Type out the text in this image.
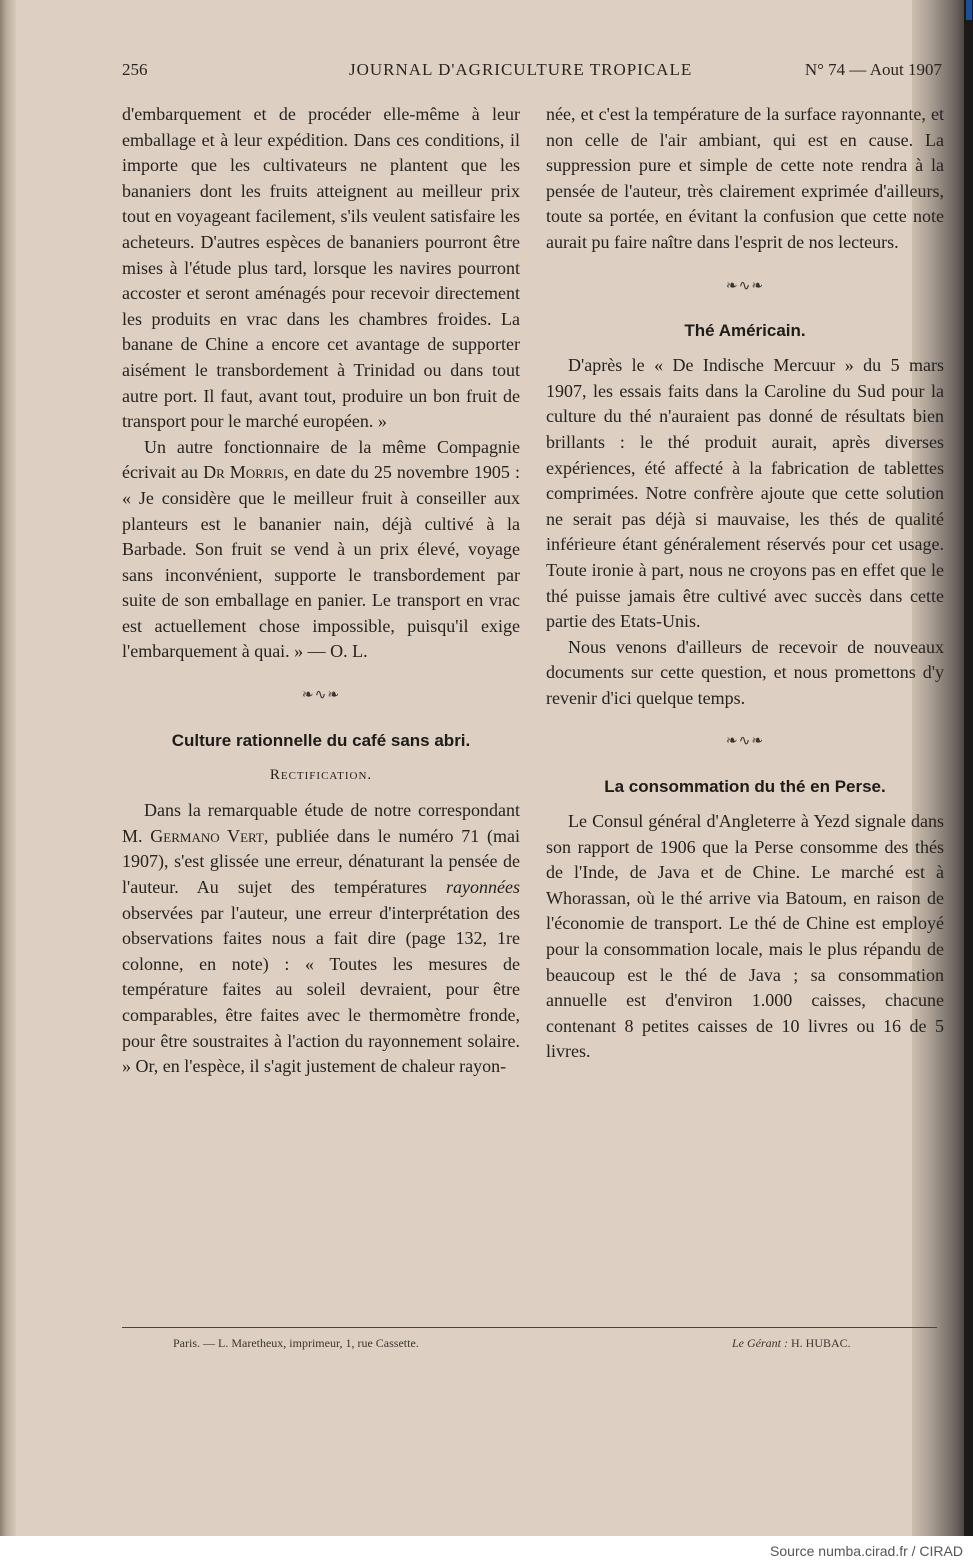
256	JOURNAL D'AGRICULTURE TROPICALE	N° 74 — Aout 1907

d'embarquement et de procéder elle-même à leur emballage et à leur expédition. Dans ces conditions, il importe que les cultivateurs ne plantent que les bananiers dont les fruits atteignent au meilleur prix tout en voyageant facilement, s'ils veulent satisfaire les acheteurs. D'autres espèces de bananiers pourront être mises à l'étude plus tard, lorsque les navires pourront accoster et seront aménagés pour recevoir directement les produits en vrac dans les chambres froides. La banane de Chine a encore cet avantage de supporter aisément le transbordement à Trinidad ou dans tout autre port. Il faut, avant tout, produire un bon fruit de transport pour le marché européen. »

Un autre fonctionnaire de la même Compagnie écrivait au Dr Morris, en date du 25 novembre 1905 : « Je considère que le meilleur fruit à conseiller aux planteurs est le bananier nain, déjà cultivé à la Barbade. Son fruit se vend à un prix élevé, voyage sans inconvénient, supporte le transbordement par suite de son emballage en panier. Le transport en vrac est actuellement chose impossible, puisqu'il exige l'embarquement à quai. » — O. L.

❧∿❧
Culture rationnelle du café sans abri.
Rectification.

Dans la remarquable étude de notre correspondant M. Germano Vert, publiée dans le numéro 71 (mai 1907), s'est glissée une erreur, dénaturant la pensée de l'auteur. Au sujet des températures rayonnées observées par l'auteur, une erreur d'interprétation des observations faites nous a fait dire (page 132, 1re colonne, en note) : « Toutes les mesures de température faites au soleil devraient, pour être comparables, être faites avec le thermomètre fronde, pour être soustraites à l'action du rayonnement solaire. » Or, en l'espèce, il s'agit justement de chaleur rayon-

née, et c'est la température de la surface rayonnante, et non celle de l'air ambiant, qui est en cause. La suppression pure et simple de cette note rendra à la pensée de l'auteur, très clairement exprimée d'ailleurs, toute sa portée, en évitant la confusion que cette note aurait pu faire naître dans l'esprit de nos lecteurs.

❧∿❧
Thé Américain.

D'après le « De Indische Mercuur » du 5 mars 1907, les essais faits dans la Caroline du Sud pour la culture du thé n'auraient pas donné de résultats bien brillants : le thé produit aurait, après diverses expériences, été affecté à la fabrication de tablettes comprimées. Notre confrère ajoute que cette solution ne serait pas déjà si mauvaise, les thés de qualité inférieure étant généralement réservés pour cet usage. Toute ironie à part, nous ne croyons pas en effet que le thé puisse jamais être cultivé avec succès dans cette partie des Etats-Unis.

Nous venons d'ailleurs de recevoir de nouveaux documents sur cette question, et nous promettons d'y revenir d'ici quelque temps.

❧∿❧
La consommation du thé en Perse.

Le Consul général d'Angleterre à Yezd signale dans son rapport de 1906 que la Perse consomme des thés de l'Inde, de Java et de Chine. Le marché est à Whorassan, où le thé arrive via Batoum, en raison de l'économie de transport. Le thé de Chine est employé pour la consommation locale, mais le plus répandu de beaucoup est le thé de Java ; sa consommation annuelle est d'environ 1.000 caisses, chacune contenant 8 petites caisses de 10 livres ou 16 de 5 livres.

Paris. — L. Maretheux, imprimeur, 1, rue Cassette.	Le Gérant : H. HUBAC.
Source numba.cirad.fr / CIRAD
